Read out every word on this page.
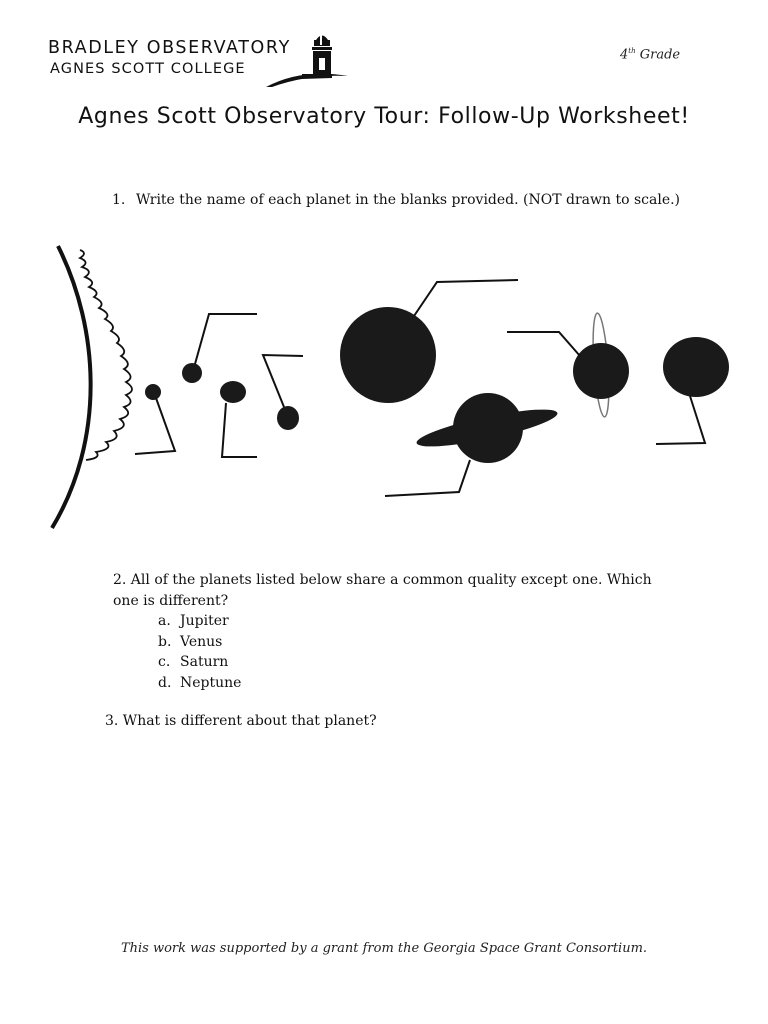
BRADLEY OBSERVATORY
AGNES SCOTT COLLEGE
4th Grade
Agnes Scott Observatory Tour: Follow-Up Worksheet!
1. Write the name of each planet in the blanks provided. (NOT drawn to scale.)
2. All of the planets listed below share a common quality except one. Which one is different?
a. Jupiter
b. Venus
c. Saturn
d. Neptune
3. What is different about that planet?
This work was supported by a grant from the Georgia Space Grant Consortium.
